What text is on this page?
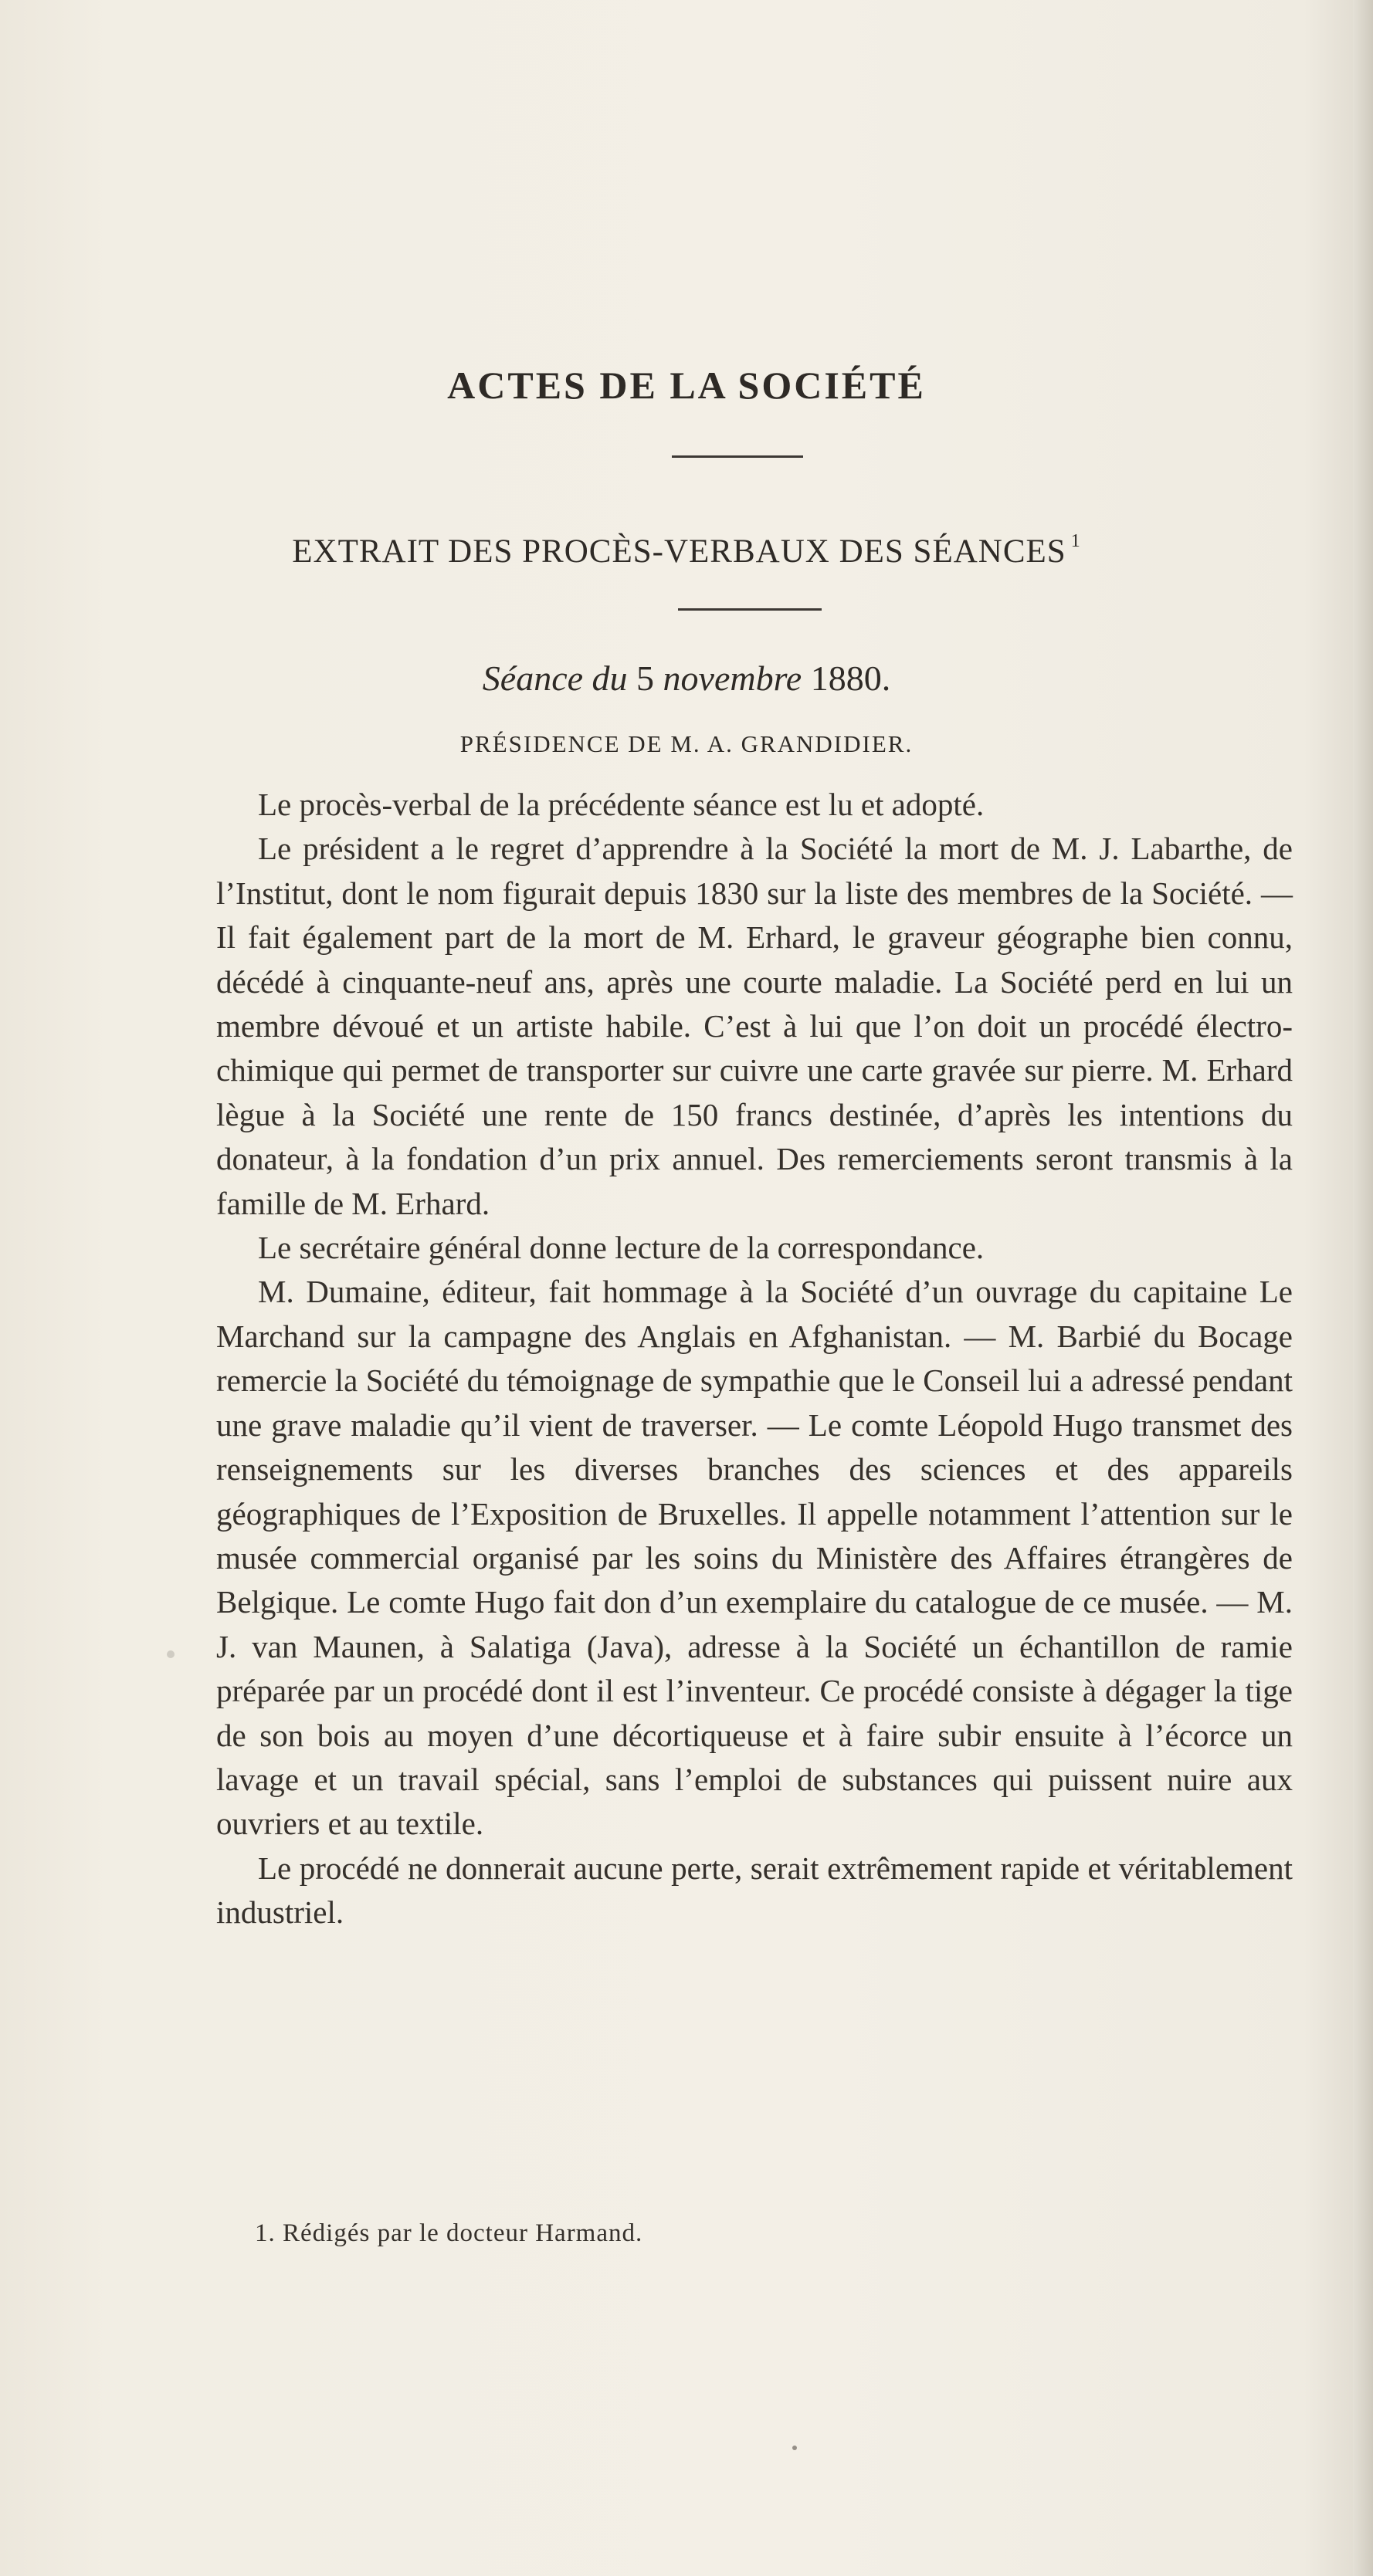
ACTES DE LA SOCIÉTÉ
EXTRAIT DES PROCÈS-VERBAUX DES SÉANCES $^1$
Séance du 5 novembre 1880.
PRÉSIDENCE DE M. A. GRANDIDIER.

Le procès-verbal de la précédente séance est lu et adopté.

Le président a le regret d’apprendre à la Société la mort de M. J. Labarthe, de l’Institut, dont le nom figurait depuis 1830 sur la liste des membres de la Société. — Il fait également part de la mort de M. Erhard, le graveur géographe bien connu, décédé à cinquante-neuf ans, après une courte maladie. La Société perd en lui un membre dévoué et un artiste habile. C’est à lui que l’on doit un procédé électro-chimique qui permet de transporter sur cuivre une carte gravée sur pierre. M. Erhard lègue à la Société une rente de 150 francs destinée, d’après les intentions du donateur, à la fondation d’un prix annuel. Des remerciements seront transmis à la famille de M. Erhard.

Le secrétaire général donne lecture de la correspondance.

M. Dumaine, éditeur, fait hommage à la Société d’un ouvrage du capitaine Le Marchand sur la campagne des Anglais en Afghanistan. — M. Barbié du Bocage remercie la Société du témoignage de sympathie que le Conseil lui a adressé pendant une grave maladie qu’il vient de traverser. — Le comte Léopold Hugo transmet des renseignements sur les diverses branches des sciences et des appareils géographiques de l’Exposition de Bruxelles. Il appelle notamment l’attention sur le musée commercial organisé par les soins du Ministère des Affaires étrangères de Belgique. Le comte Hugo fait don d’un exemplaire du catalogue de ce musée. — M. J. van Maunen, à Salatiga (Java), adresse à la Société un échantillon de ramie préparée par un procédé dont il est l’inventeur. Ce procédé consiste à dégager la tige de son bois au moyen d’une décortiqueuse et à faire subir ensuite à l’écorce un lavage et un travail spécial, sans l’emploi de substances qui puissent nuire aux ouvriers et au textile.

Le procédé ne donnerait aucune perte, serait extrêmement rapide et véritablement industriel.

1. Rédigés par le docteur Harmand.
